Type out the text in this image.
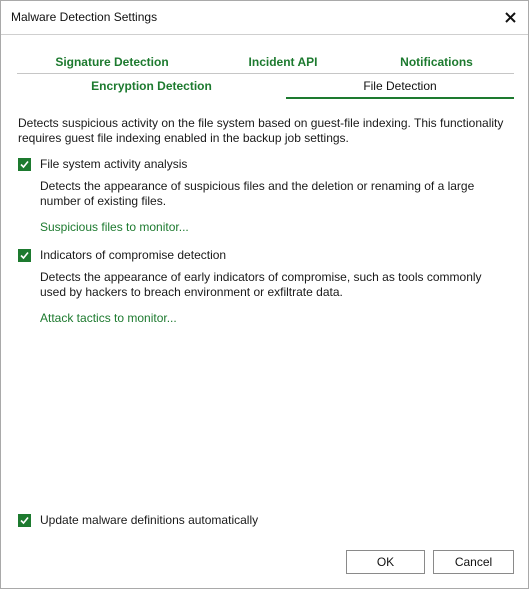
Malware Detection Settings
Signature Detection	Incident API	Notifications
Encryption Detection	File Detection

Detects suspicious activity on the file system based on guest-file indexing. This functionality requires guest file indexing enabled in the backup job settings.

File system activity analysis
Detects the appearance of suspicious files and the deletion or renaming of a large number of existing files.
Suspicious files to monitor...
Indicators of compromise detection
Detects the appearance of early indicators of compromise, such as tools commonly used by hackers to breach environment or exfiltrate data.
Attack tactics to monitor...
Update malware definitions automatically
OK	Cancel
